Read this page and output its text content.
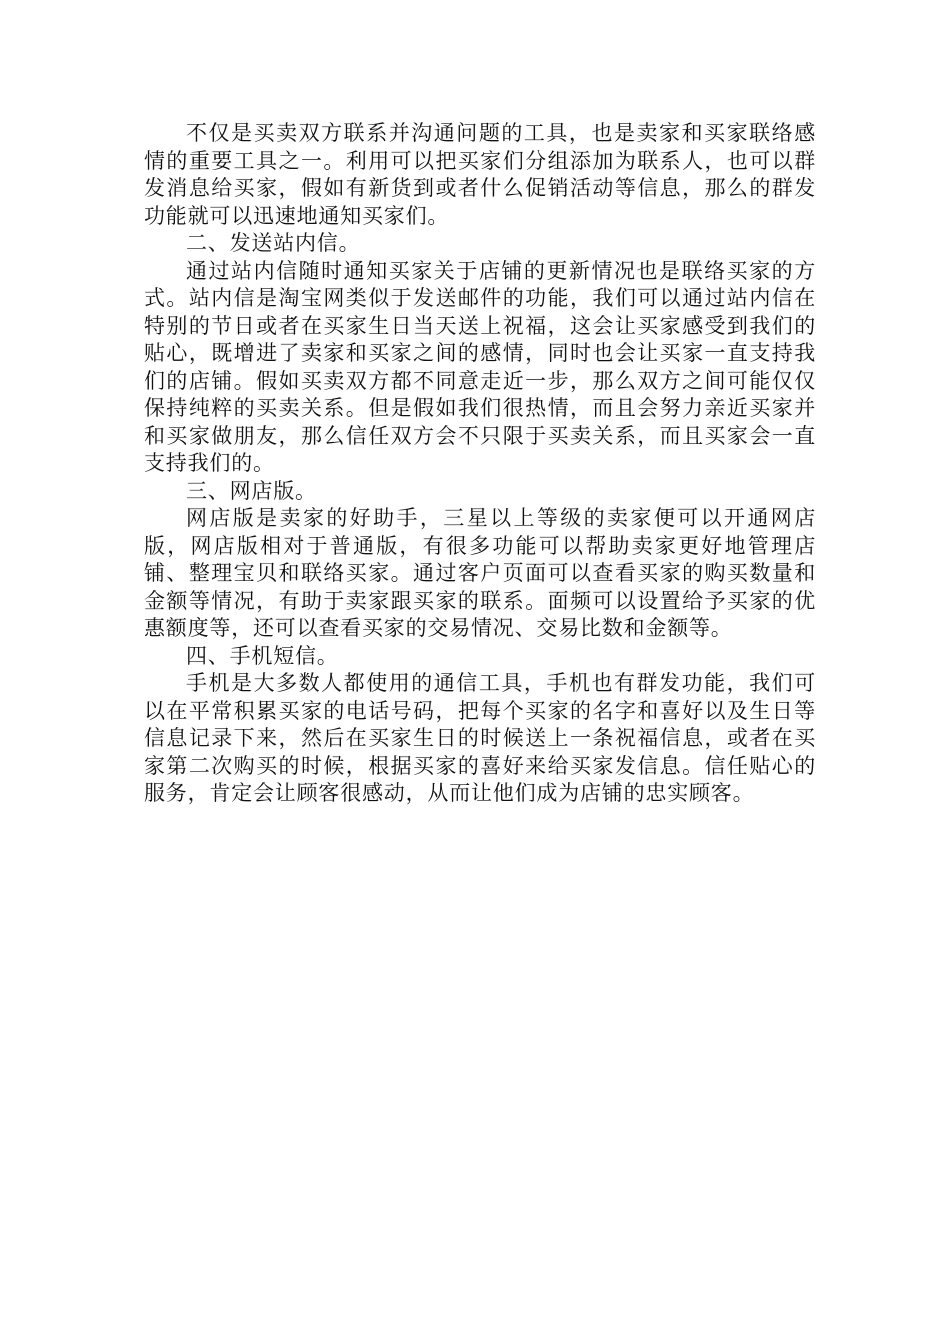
不仅是买卖双方联系并沟通问题的工具，也是卖家和买家联络感情的重要工具之一。利用可以把买家们分组添加为联系人，也可以群发消息给买家，假如有新货到或者什么促销活动等信息，那么的群发功能就可以迅速地通知买家们。

二、发送站内信。

通过站内信随时通知买家关于店铺的更新情况也是联络买家的方式。站内信是淘宝网类似于发送邮件的功能，我们可以通过站内信在特别的节日或者在买家生日当天送上祝福，这会让买家感受到我们的贴心，既增进了卖家和买家之间的感情，同时也会让买家一直支持我们的店铺。假如买卖双方都不同意走近一步，那么双方之间可能仅仅保持纯粹的买卖关系。但是假如我们很热情，而且会努力亲近买家并和买家做朋友，那么信任双方会不只限于买卖关系，而且买家会一直支持我们的。

三、网店版。

网店版是卖家的好助手，三星以上等级的卖家便可以开通网店版，网店版相对于普通版，有很多功能可以帮助卖家更好地管理店铺、整理宝贝和联络买家。通过客户页面可以查看买家的购买数量和金额等情况，有助于卖家跟买家的联系。面频可以设置给予买家的优惠额度等，还可以查看买家的交易情况、交易比数和金额等。

四、手机短信。

手机是大多数人都使用的通信工具，手机也有群发功能，我们可以在平常积累买家的电话号码，把每个买家的名字和喜好以及生日等信息记录下来，然后在买家生日的时候送上一条祝福信息，或者在买家第二次购买的时候，根据买家的喜好来给买家发信息。信任贴心的服务，肯定会让顾客很感动，从而让他们成为店铺的忠实顾客。
